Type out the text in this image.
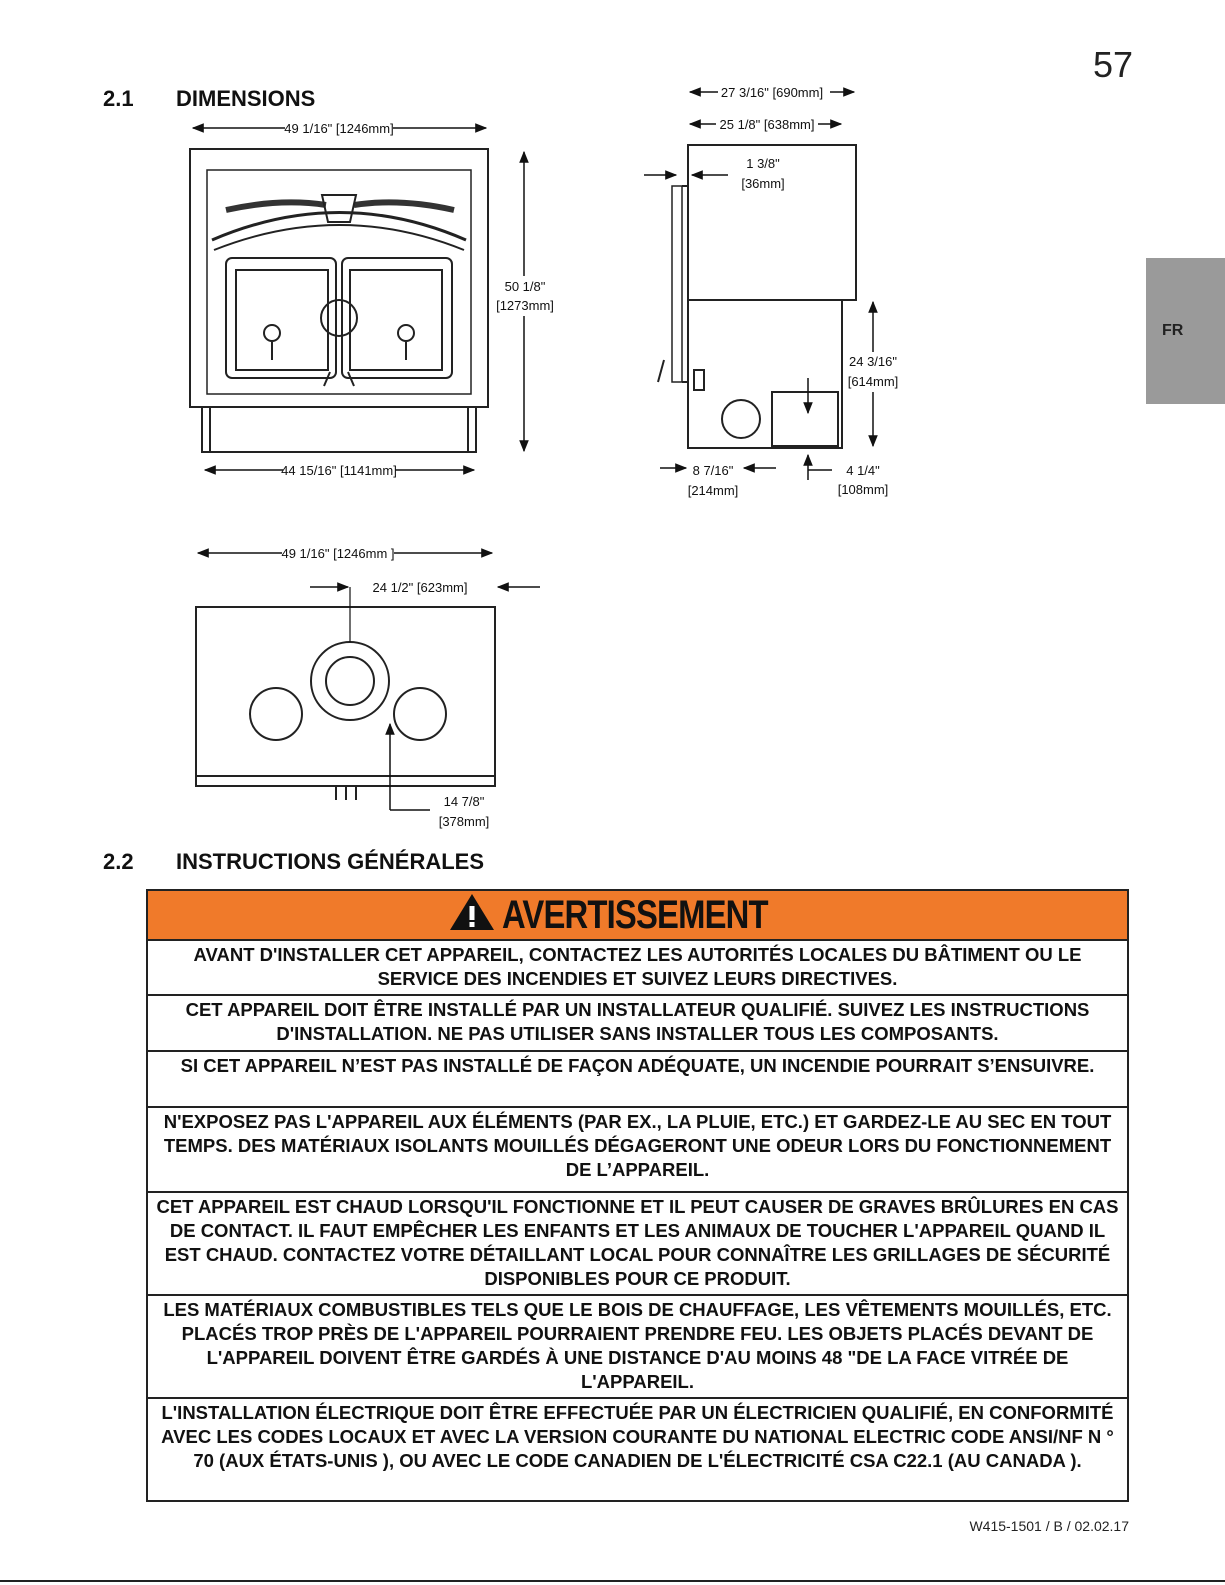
57
FR
2.1 DIMENSIONS
49 1/16" [1246mm]
50 1/8"
[1273mm]
44 15/16" [1141mm]
27 3/16" [690mm]
25 1/8" [638mm]
1 3/8"
[36mm]
24 3/16"
[614mm]
4 1/4"
[108mm]
8 7/16"
[214mm]
49 1/16" [1246mm ]
24 1/2" [623mm]
14 7/8"
[378mm]
2.2 INSTRUCTIONS GÉNÉRALES
AVERTISSEMENT
AVANT D'INSTALLER CET APPAREIL, CONTACTEZ LES AUTORITÉS LOCALES DU BÂTIMENT OU LE SERVICE DES INCENDIES ET SUIVEZ LEURS DIRECTIVES.
CET APPAREIL DOIT ÊTRE INSTALLÉ PAR UN INSTALLATEUR QUALIFIÉ. SUIVEZ LES INSTRUCTIONS D'INSTALLATION. NE PAS UTILISER SANS INSTALLER TOUS LES COMPOSANTS.
SI CET APPAREIL N’EST PAS INSTALLÉ DE FAÇON ADÉQUATE, UN INCENDIE POURRAIT S’ENSUIVRE.
N'EXPOSEZ PAS L'APPAREIL AUX ÉLÉMENTS (PAR EX., LA PLUIE, ETC.) ET GARDEZ-LE AU SEC EN TOUT TEMPS. DES MATÉRIAUX ISOLANTS MOUILLÉS DÉGAGERONT UNE ODEUR LORS DU FONCTIONNEMENT DE L’APPAREIL.
CET APPAREIL EST CHAUD LORSQU'IL FONCTIONNE ET IL PEUT CAUSER DE GRAVES BRÛLURES EN CAS DE CONTACT. IL FAUT EMPÊCHER LES ENFANTS ET LES ANIMAUX DE TOUCHER L'APPAREIL QUAND IL EST CHAUD. CONTACTEZ VOTRE DÉTAILLANT LOCAL POUR CONNAÎTRE LES GRILLAGES DE SÉCURITÉ DISPONIBLES POUR CE PRODUIT.
LES MATÉRIAUX COMBUSTIBLES TELS QUE LE BOIS DE CHAUFFAGE, LES VÊTEMENTS MOUILLÉS, ETC. PLACÉS TROP PRÈS DE L'APPAREIL POURRAIENT PRENDRE FEU. LES OBJETS PLACÉS DEVANT DE L'APPAREIL DOIVENT ÊTRE GARDÉS À UNE DISTANCE D'AU MOINS 48 "DE LA FACE VITRÉE DE L'APPAREIL.
L'INSTALLATION ÉLECTRIQUE DOIT ÊTRE EFFECTUÉE PAR UN ÉLECTRICIEN QUALIFIÉ, EN CONFORMITÉ AVEC LES CODES LOCAUX ET AVEC LA VERSION COURANTE DU NATIONAL ELECTRIC CODE ANSI/NF N ° 70 (AUX ÉTATS-UNIS ), OU AVEC LE CODE CANADIEN DE L'ÉLECTRICITÉ CSA C22.1 (AU CANADA ).
W415-1501 / B / 02.02.17
